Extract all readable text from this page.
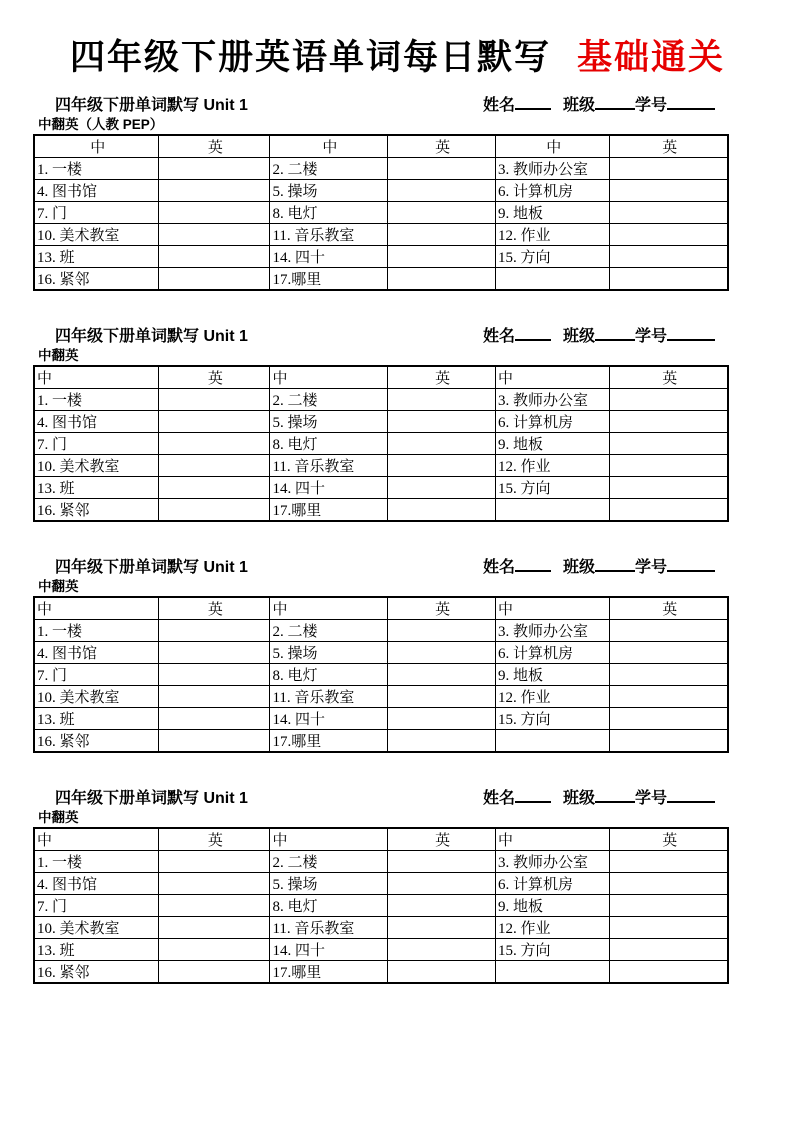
四年级下册英语单词每日默写 基础通关
四年级下册单词默写 Unit 1	姓名	班级	学号
中翻英（人教 PEP）
中	英	中	英	中	英
1. 一楼		2. 二楼		3. 教师办公室	
4. 图书馆		5. 操场		6. 计算机房	
7. 门		8. 电灯		9. 地板	
10. 美术教室		11. 音乐教室		12. 作业	
13. 班		14. 四十		15. 方向	
16. 紧邻		17.哪里			
四年级下册单词默写 Unit 1	姓名	班级	学号
中翻英
中	英	中	英	中	英
1. 一楼		2. 二楼		3. 教师办公室	
4. 图书馆		5. 操场		6. 计算机房	
7. 门		8. 电灯		9. 地板	
10. 美术教室		11. 音乐教室		12. 作业	
13. 班		14. 四十		15. 方向	
16. 紧邻		17.哪里			
四年级下册单词默写 Unit 1	姓名	班级	学号
中翻英
中	英	中	英	中	英
1. 一楼		2. 二楼		3. 教师办公室	
4. 图书馆		5. 操场		6. 计算机房	
7. 门		8. 电灯		9. 地板	
10. 美术教室		11. 音乐教室		12. 作业	
13. 班		14. 四十		15. 方向	
16. 紧邻		17.哪里			
四年级下册单词默写 Unit 1	姓名	班级	学号
中翻英
中	英	中	英	中	英
1. 一楼		2. 二楼		3. 教师办公室	
4. 图书馆		5. 操场		6. 计算机房	
7. 门		8. 电灯		9. 地板	
10. 美术教室		11. 音乐教室		12. 作业	
13. 班		14. 四十		15. 方向	
16. 紧邻		17.哪里			
